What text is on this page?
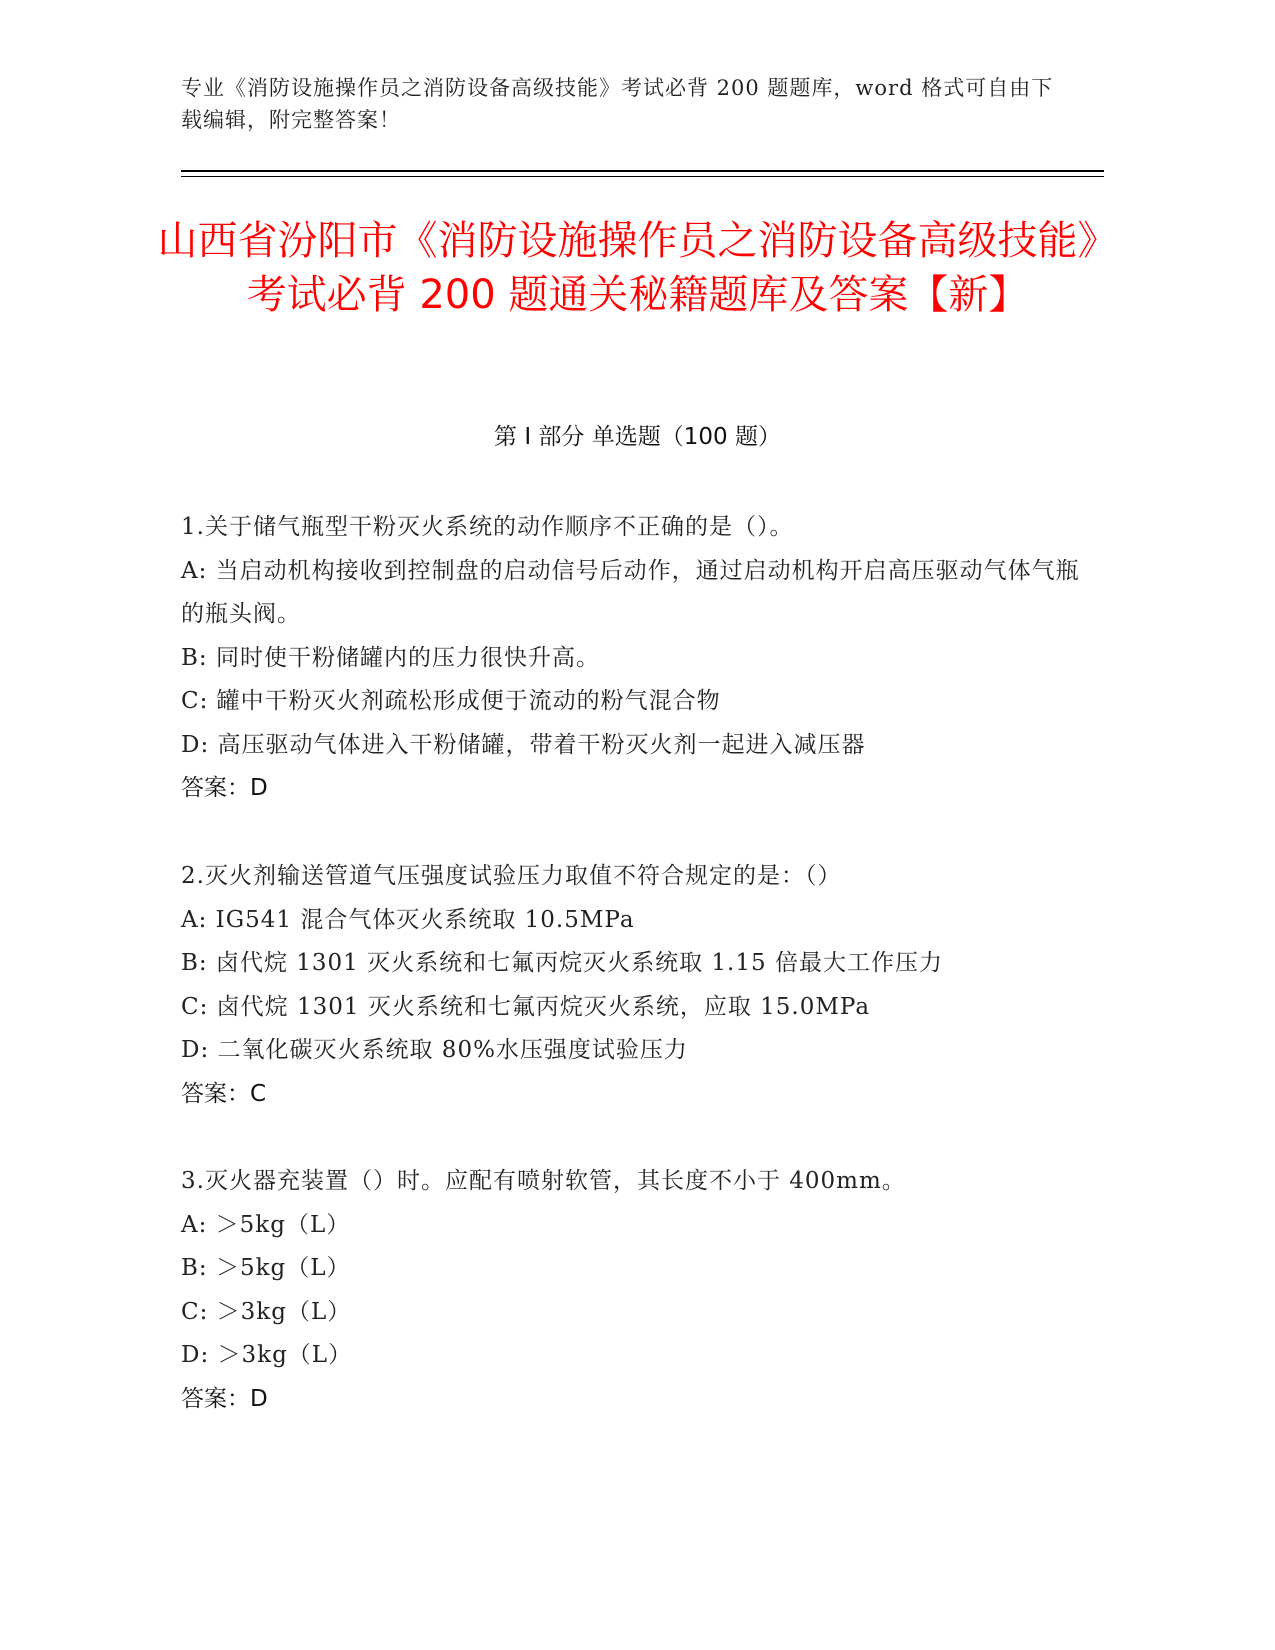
专业《消防设施操作员之消防设备高级技能》考试必背 200 题题库，word 格式可自由下载编辑，附完整答案！
山西省汾阳市《消防设施操作员之消防设备高级技能》考试必背 200 题通关秘籍题库及答案【新】
第 I 部分 单选题（100 题）
1.关于储气瓶型干粉灭火系统的动作顺序不正确的是（）。
A: 当启动机构接收到控制盘的启动信号后动作，通过启动机构开启高压驱动气体气瓶的瓶头阀。
B: 同时使干粉储罐内的压力很快升高。
C: 罐中干粉灭火剂疏松形成便于流动的粉气混合物
D: 高压驱动气体进入干粉储罐，带着干粉灭火剂一起进入减压器
答案：D
2.灭火剂输送管道气压强度试验压力取值不符合规定的是：（）
A: IG541 混合气体灭火系统取 10.5MPa
B: 卤代烷 1301 灭火系统和七氟丙烷灭火系统取 1.15 倍最大工作压力
C: 卤代烷 1301 灭火系统和七氟丙烷灭火系统，应取 15.0MPa
D: 二氧化碳灭火系统取 80%水压强度试验压力
答案：C
3.灭火器充装置（）时。应配有喷射软管，其长度不小于 400mm。
A: ＞5kg（L）
B: ＞5kg（L）
C: ＞3kg（L）
D: ＞3kg（L）
答案：D
